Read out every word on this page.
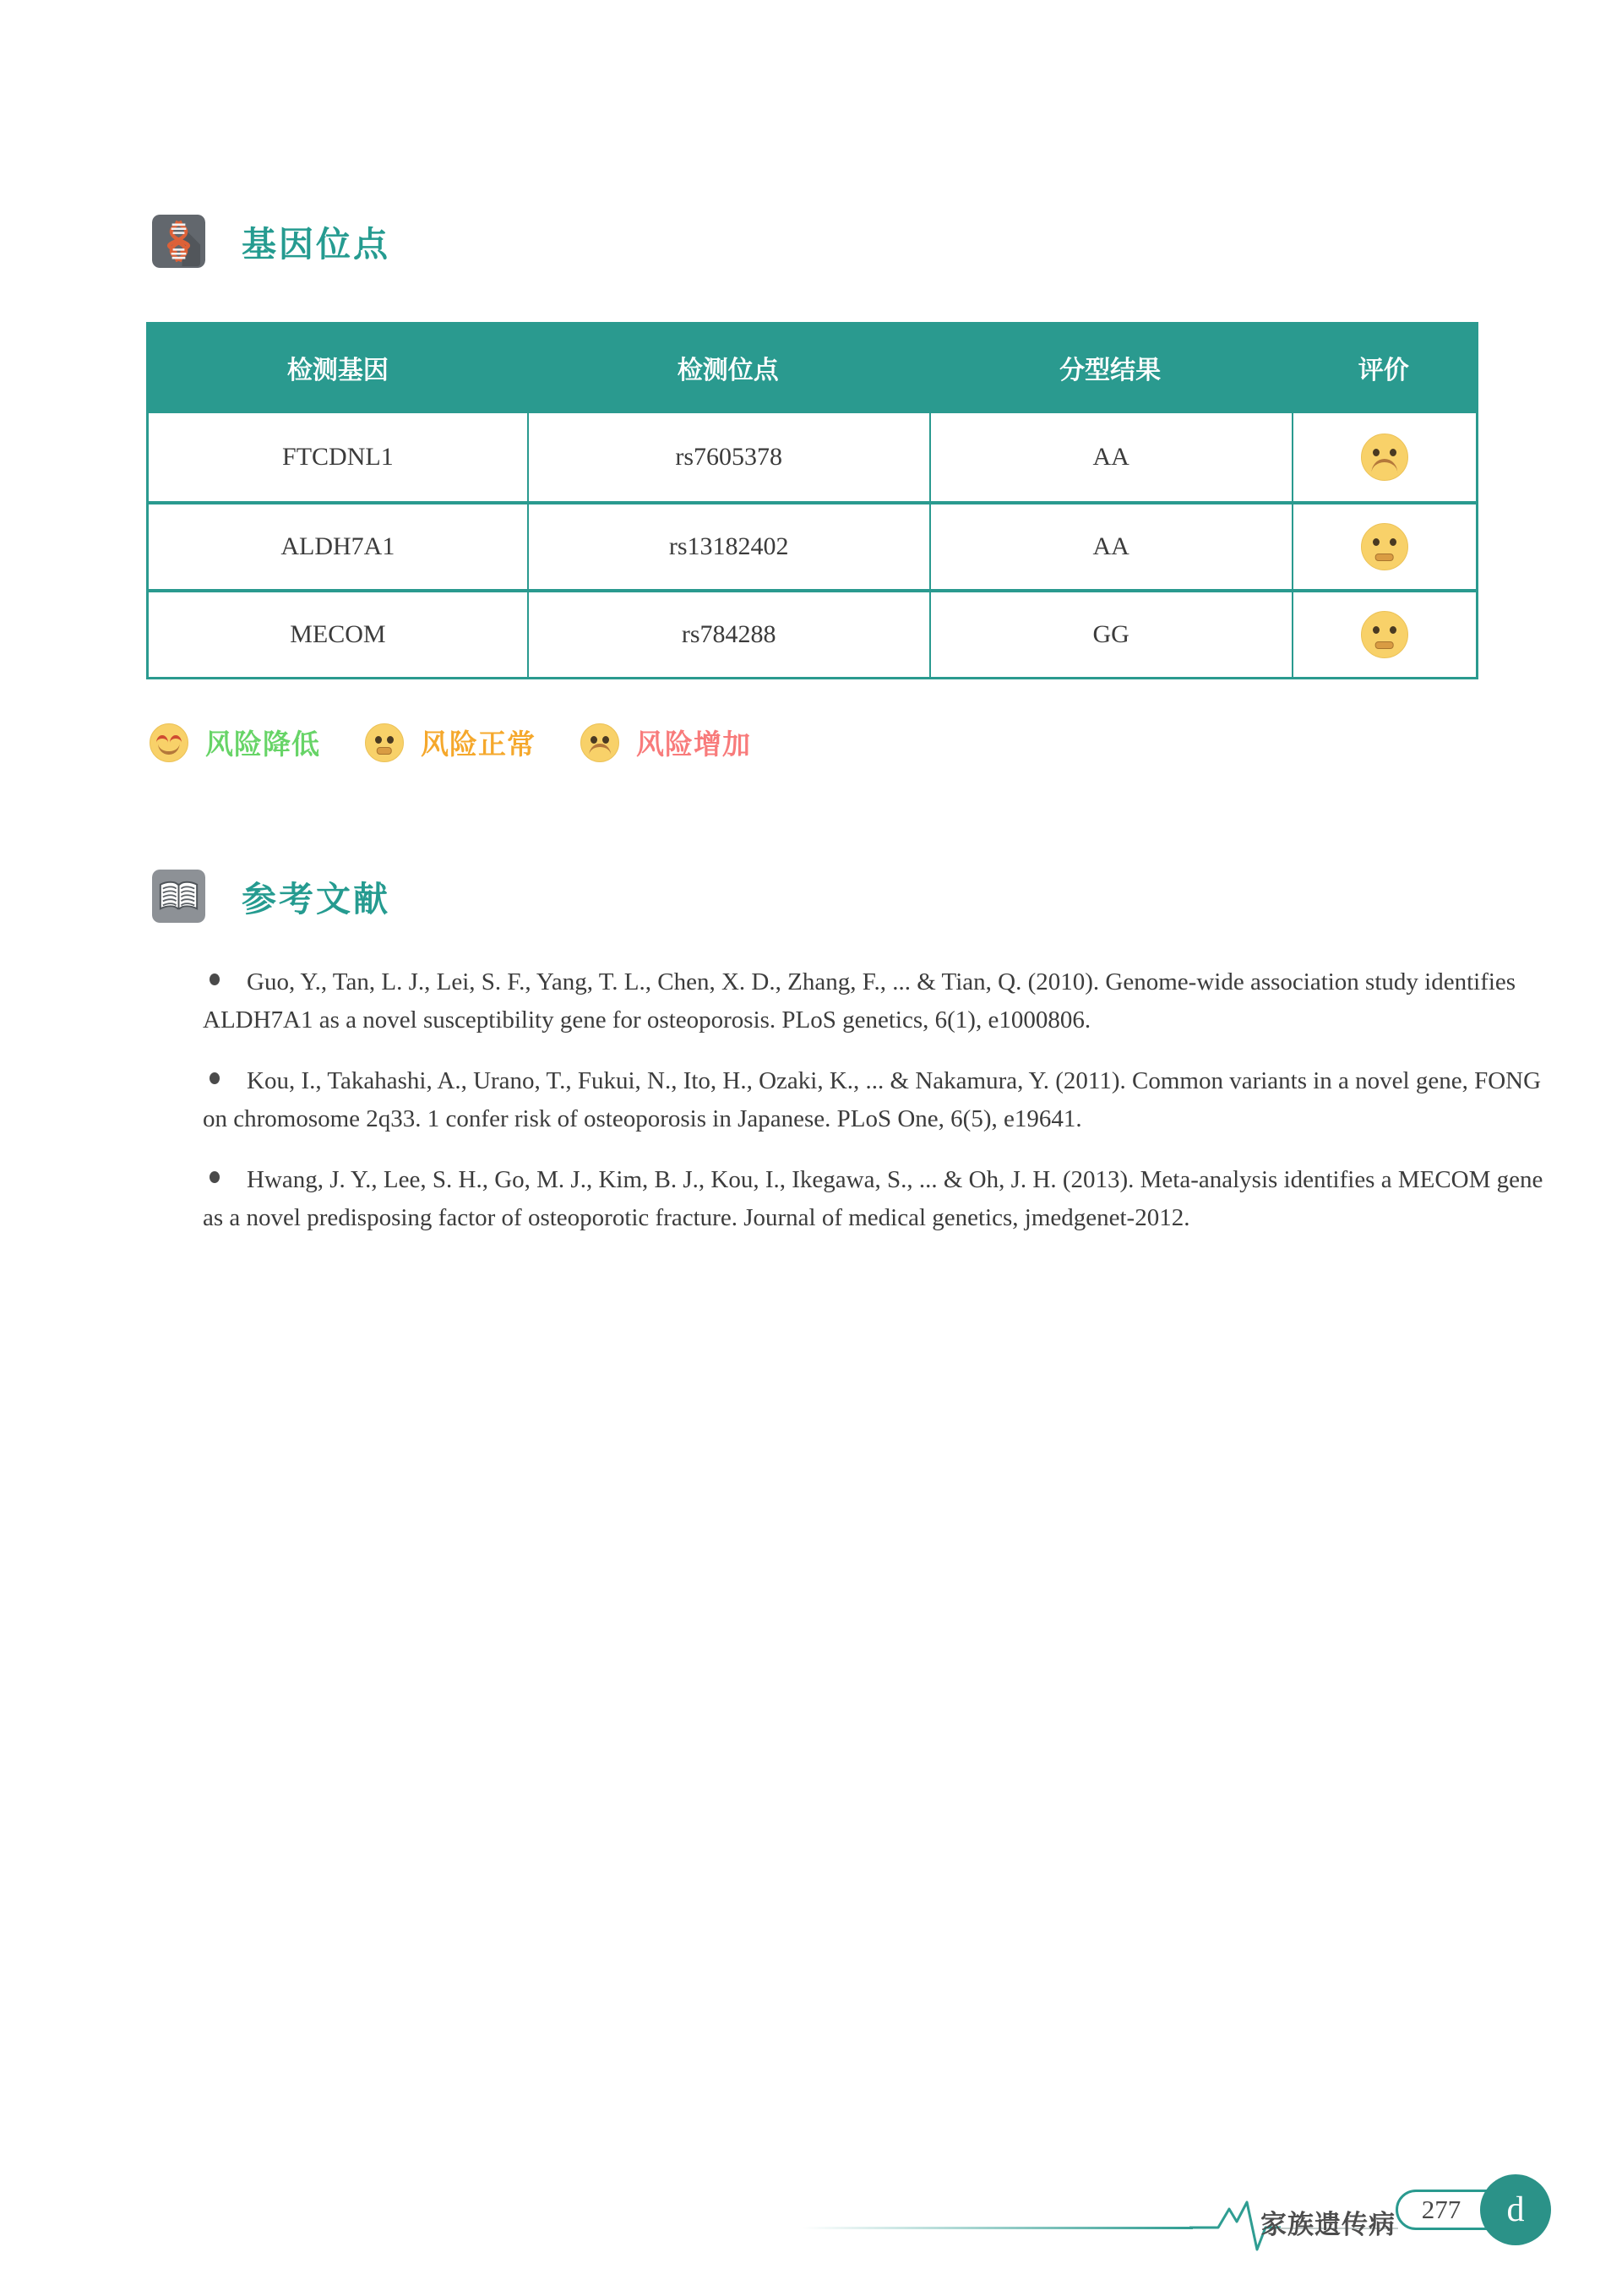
基因位点
检测基因	检测位点	分型结果	评价
FTCDNL1	rs7605378	AA
ALDH7A1	rs13182402	AA
MECOM	rs784288	GG
风险降低	风险正常	风险增加
参考文献
Guo, Y., Tan, L. J., Lei, S. F., Yang, T. L., Chen, X. D., Zhang, F., ... & Tian, Q. (2010). Genome-wide association study identifies ALDH7A1 as a novel susceptibility gene for osteoporosis. PLoS genetics, 6(1), e1000806.
Kou, I., Takahashi, A., Urano, T., Fukui, N., Ito, H., Ozaki, K., ... & Nakamura, Y. (2011). Common variants in a novel gene, FONG on chromosome 2q33. 1 confer risk of osteoporosis in Japanese. PLoS One, 6(5), e19641.
Hwang, J. Y., Lee, S. H., Go, M. J., Kim, B. J., Kou, I., Ikegawa, S., ... & Oh, J. H. (2013). Meta-analysis identifies a MECOM gene as a novel predisposing factor of osteoporotic fracture. Journal of medical genetics, jmedgenet-2012.
家族遗传病
277 d
